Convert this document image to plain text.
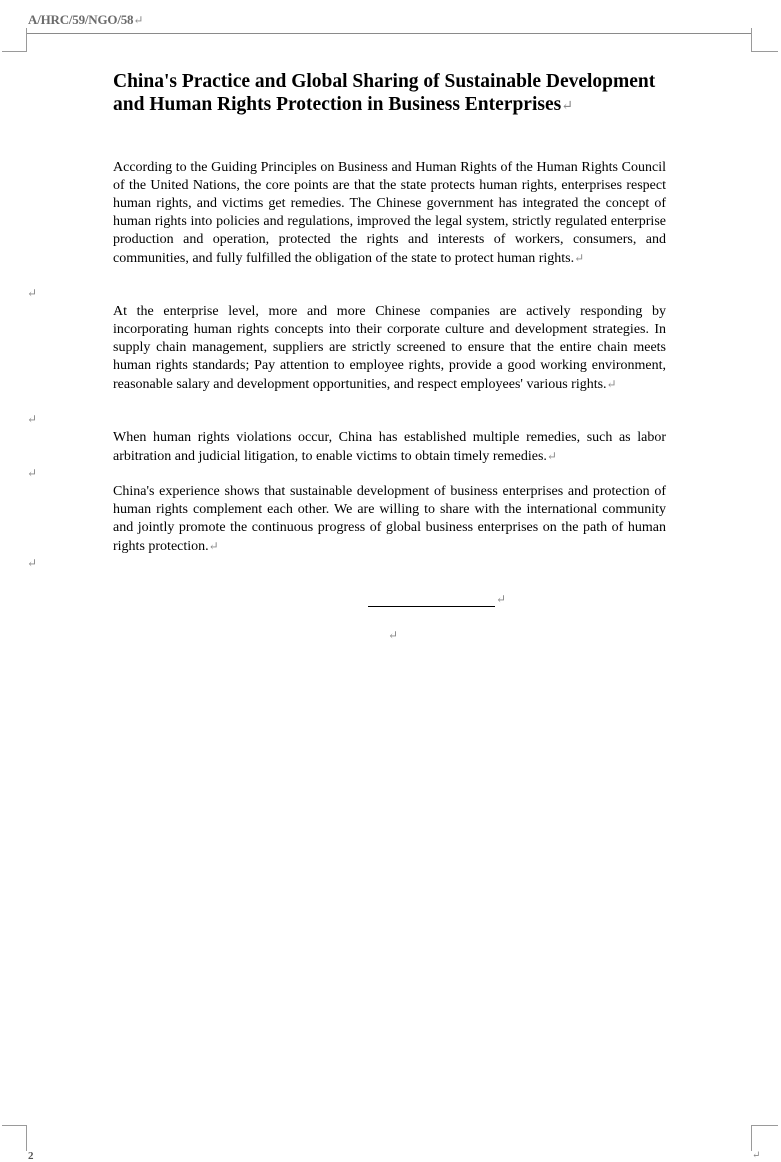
A/HRC/59/NGO/58↵
China's Practice and Global Sharing of Sustainable Development and Human Rights Protection in Business Enterprises↵

According to the Guiding Principles on Business and Human Rights of the Human Rights Council of the United Nations, the core points are that the state protects human rights, enterprises respect human rights, and victims get remedies. The Chinese government has integrated the concept of human rights into policies and regulations, improved the legal system, strictly regulated enterprise production and operation, protected the rights and interests of workers, consumers, and communities, and fully fulfilled the obligation of the state to protect human rights.↵

↵

At the enterprise level, more and more Chinese companies are actively responding by incorporating human rights concepts into their corporate culture and development strategies. In supply chain management, suppliers are strictly screened to ensure that the entire chain meets human rights standards; Pay attention to employee rights, provide a good working environment, reasonable salary and development opportunities, and respect employees' various rights.↵

↵

When human rights violations occur, China has established multiple remedies, such as labor arbitration and judicial litigation, to enable victims to obtain timely remedies.↵

↵

China's experience shows that sustainable development of business enterprises and protection of human rights complement each other. We are willing to share with the international community and jointly promote the continuous progress of global business enterprises on the path of human rights protection.↵

↵
↵
↵
2	↵
